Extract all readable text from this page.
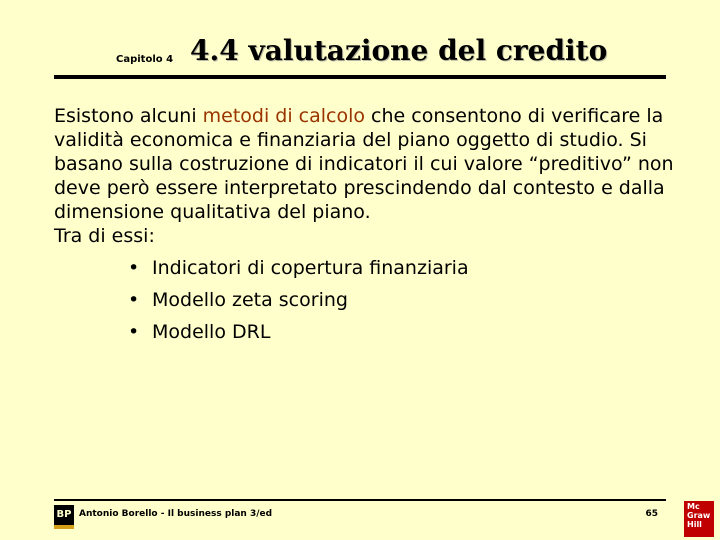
Capitolo 4 4.4 valutazione del credito

Esistono alcuni metodi di calcolo che consentono di verificare la validità economica e finanziaria del piano oggetto di studio. Si basano sulla costruzione di indicatori il cui valore “preditivo” non deve però essere interpretato prescindendo dal contesto e dalla dimensione qualitativa del piano.

Tra di essi:

• Indicatori di copertura finanziaria
• Modello zeta scoring
• Modello DRL
BP Antonio Borello - Il business plan 3/ed	65
Mc
Graw
Hill
